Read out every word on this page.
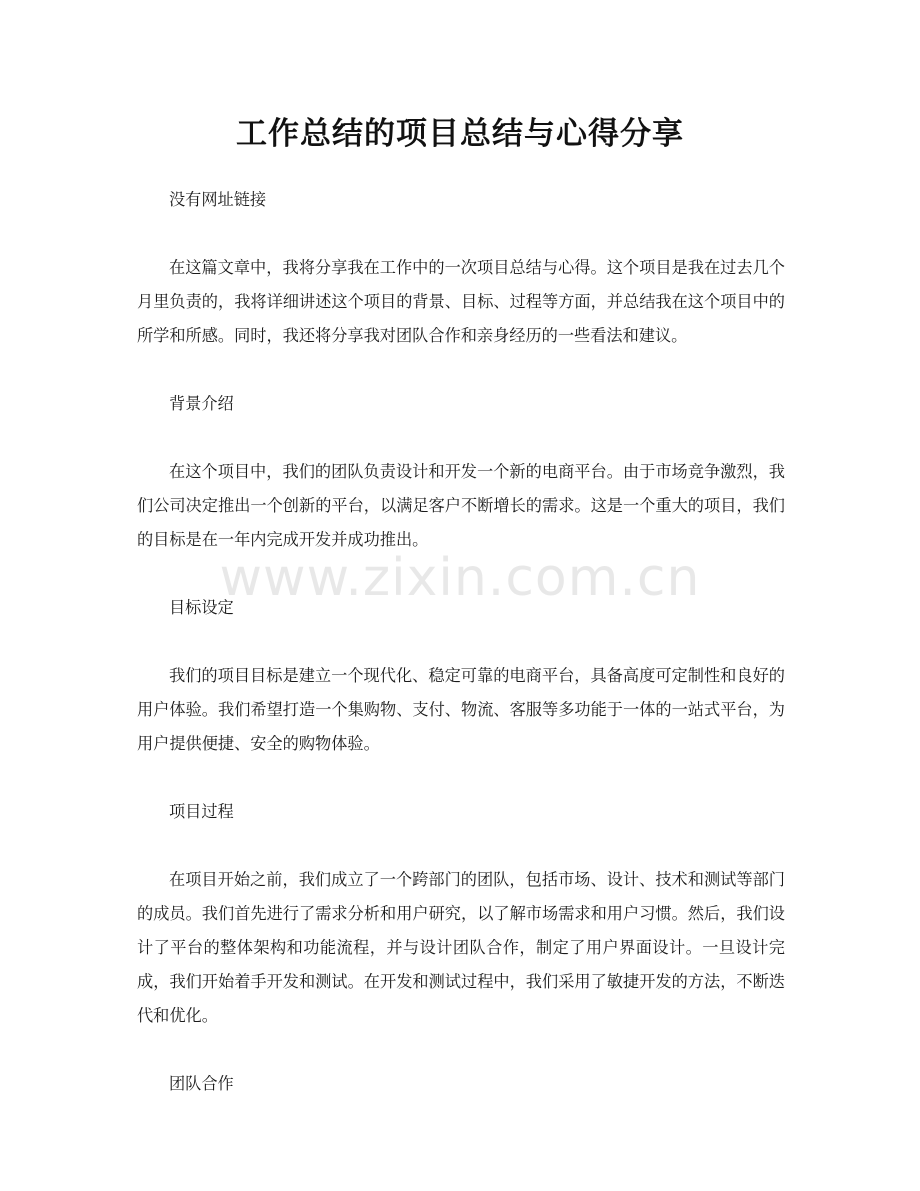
工作总结的项目总结与心得分享

没有网址链接

在这篇文章中，我将分享我在工作中的一次项目总结与心得。这个项目是我在过去几个月里负责的，我将详细讲述这个项目的背景、目标、过程等方面，并总结我在这个项目中的所学和所感。同时，我还将分享我对团队合作和亲身经历的一些看法和建议。

背景介绍

在这个项目中，我们的团队负责设计和开发一个新的电商平台。由于市场竞争激烈，我们公司决定推出一个创新的平台，以满足客户不断增长的需求。这是一个重大的项目，我们的目标是在一年内完成开发并成功推出。

目标设定

我们的项目目标是建立一个现代化、稳定可靠的电商平台，具备高度可定制性和良好的用户体验。我们希望打造一个集购物、支付、物流、客服等多功能于一体的一站式平台，为用户提供便捷、安全的购物体验。

项目过程

在项目开始之前，我们成立了一个跨部门的团队，包括市场、设计、技术和测试等部门的成员。我们首先进行了需求分析和用户研究，以了解市场需求和用户习惯。然后，我们设计了平台的整体架构和功能流程，并与设计团队合作，制定了用户界面设计。一旦设计完成，我们开始着手开发和测试。在开发和测试过程中，我们采用了敏捷开发的方法，不断迭代和优化。

团队合作

www.zixin.com.cn
